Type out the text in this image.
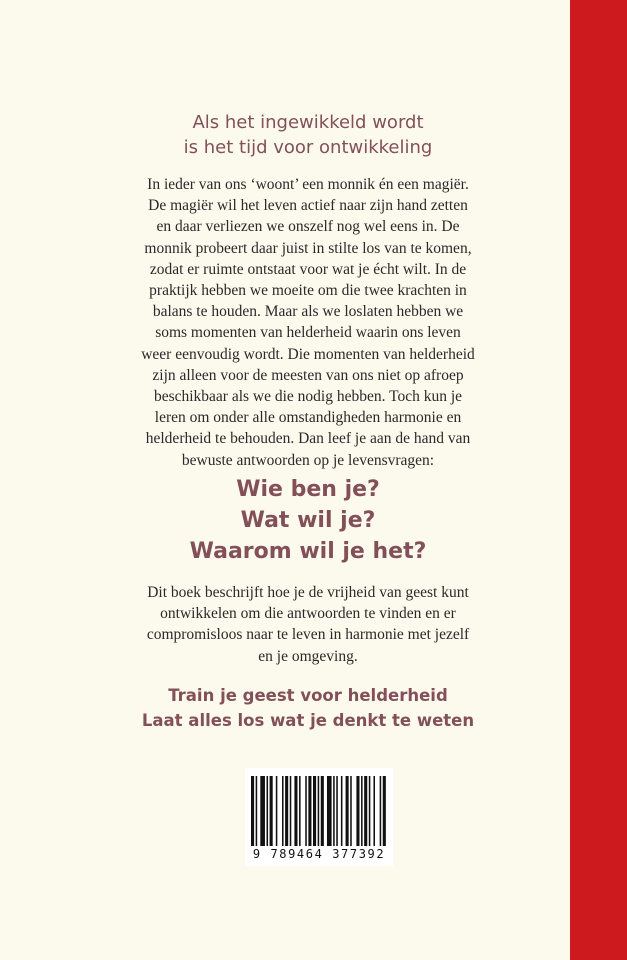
Als het ingewikkeld wordt
is het tijd voor ontwikkeling
In ieder van ons ‘woont’ een monnik én een magiër.
De magiër wil het leven actief naar zijn hand zetten
en daar verliezen we onszelf nog wel eens in. De
monnik probeert daar juist in stilte los van te komen,
zodat er ruimte ontstaat voor wat je écht wilt. In de
praktijk hebben we moeite om die twee krachten in
balans te houden. Maar als we loslaten hebben we
soms momenten van helderheid waarin ons leven
weer eenvoudig wordt. Die momenten van helderheid
zijn alleen voor de meesten van ons niet op afroep
beschikbaar als we die nodig hebben. Toch kun je
leren om onder alle omstandigheden harmonie en
helderheid te behouden. Dan leef je aan de hand van
bewuste antwoorden op je levensvragen:
Wie ben je?
Wat wil je?
Waarom wil je het?
Dit boek beschrijft hoe je de vrijheid van geest kunt
ontwikkelen om die antwoorden te vinden en er
compromisloos naar te leven in harmonie met jezelf
en je omgeving.
Train je geest voor helderheid
Laat alles los wat je denkt te weten
9 789464 377392
